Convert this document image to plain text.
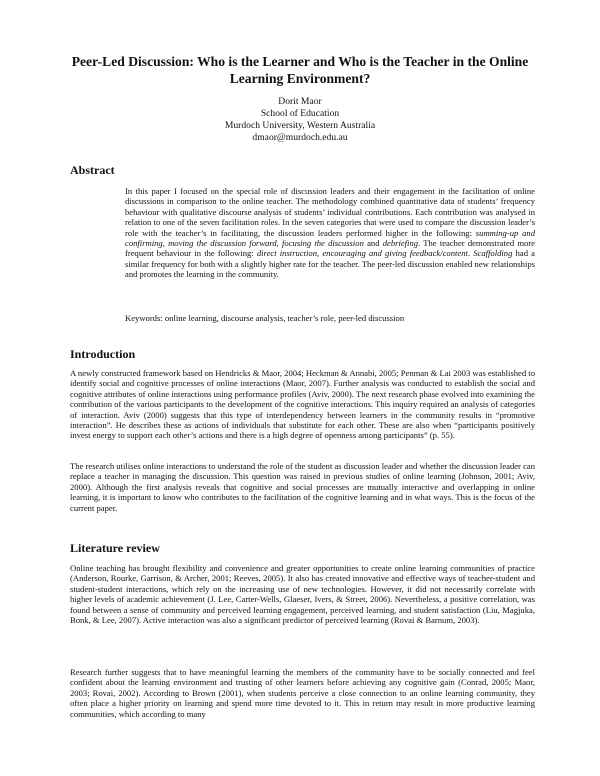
Peer-Led Discussion: Who is the Learner and Who is the Teacher in the Online Learning Environment?
Dorit Maor
School of Education
Murdoch University, Western Australia
dmaor@murdoch.edu.au
Abstract
In this paper I focused on the special role of discussion leaders and their engagement in the facilitation of online discussions in comparison to the online teacher. The methodology combined quantitative data of students’ frequency behaviour with qualitative discourse analysis of students’ individual contributions. Each contribution was analysed in relation to one of the seven facilitation roles. In the seven categories that were used to compare the discussion leader’s role with the teacher’s in facilitating, the discussion leaders performed higher in the following: summing-up and confirming, moving the discussion forward, focusing the discussion and debriefing. The teacher demonstrated more frequent behaviour in the following: direct instruction, encouraging and giving feedback/content. Scaffolding had a similar frequency for both with a slightly higher rate for the teacher. The peer-led discussion enabled new relationships and promotes the learning in the community.
Keywords: online learning, discourse analysis, teacher’s role, peer-led discussion
Introduction
A newly constructed framework based on Hendricks & Maor, 2004; Heckman & Annabi, 2005; Penman & Lai 2003 was established to identify social and cognitive processes of online interactions (Maor, 2007). Further analysis was conducted to establish the social and cognitive attributes of online interactions using performance profiles (Aviv, 2000). The next research phase evolved into examining the contribution of the various participants to the development of the cognitive interactions. This inquiry required an analysis of categories of interaction. Aviv (2000) suggests that this type of interdependency between learners in the community results in “promotive interaction”. He describes these as actions of individuals that substitute for each other. These are also when “participants positively invest energy to support each other’s actions and there is a high degree of openness among participants” (p. 55).
The research utilises online interactions to understand the role of the student as discussion leader and whether the discussion leader can replace a teacher in managing the discussion. This question was raised in previous studies of online learning (Johnson, 2001; Aviv, 2000). Although the first analysis reveals that cognitive and social processes are mutually interactive and overlapping in online learning, it is important to know who contributes to the facilitation of the cognitive learning and in what ways. This is the focus of the current paper.
Literature review
Online teaching has brought flexibility and convenience and greater opportunities to create online learning communities of practice (Anderson, Rourke, Garrison, & Archer, 2001; Reeves, 2005). It also has created innovative and effective ways of teacher-student and student-student interactions, which rely on the increasing use of new technologies. However, it did not necessarily correlate with higher levels of academic achievement (J. Lee, Carter-Wells, Glaeser, Ivers, & Street, 2006). Nevertheless, a positive correlation, was found between a sense of community and perceived learning engagement, perceived learning, and student satisfaction (Liu, Magjuka, Bonk, & Lee, 2007). Active interaction was also a significant predictor of perceived learning (Rovai & Barnum, 2003).
Research further suggests that to have meaningful learning the members of the community have to be socially connected and feel confident about the learning environment and trusting of other learners before achieving any cognitive gain (Conrad, 2005; Maor, 2003; Rovai, 2002). According to Brown (2001), when students perceive a close connection to an online learning community, they often place a higher priority on learning and spend more time devoted to it. This in return may result in more productive learning communities, which according to many
